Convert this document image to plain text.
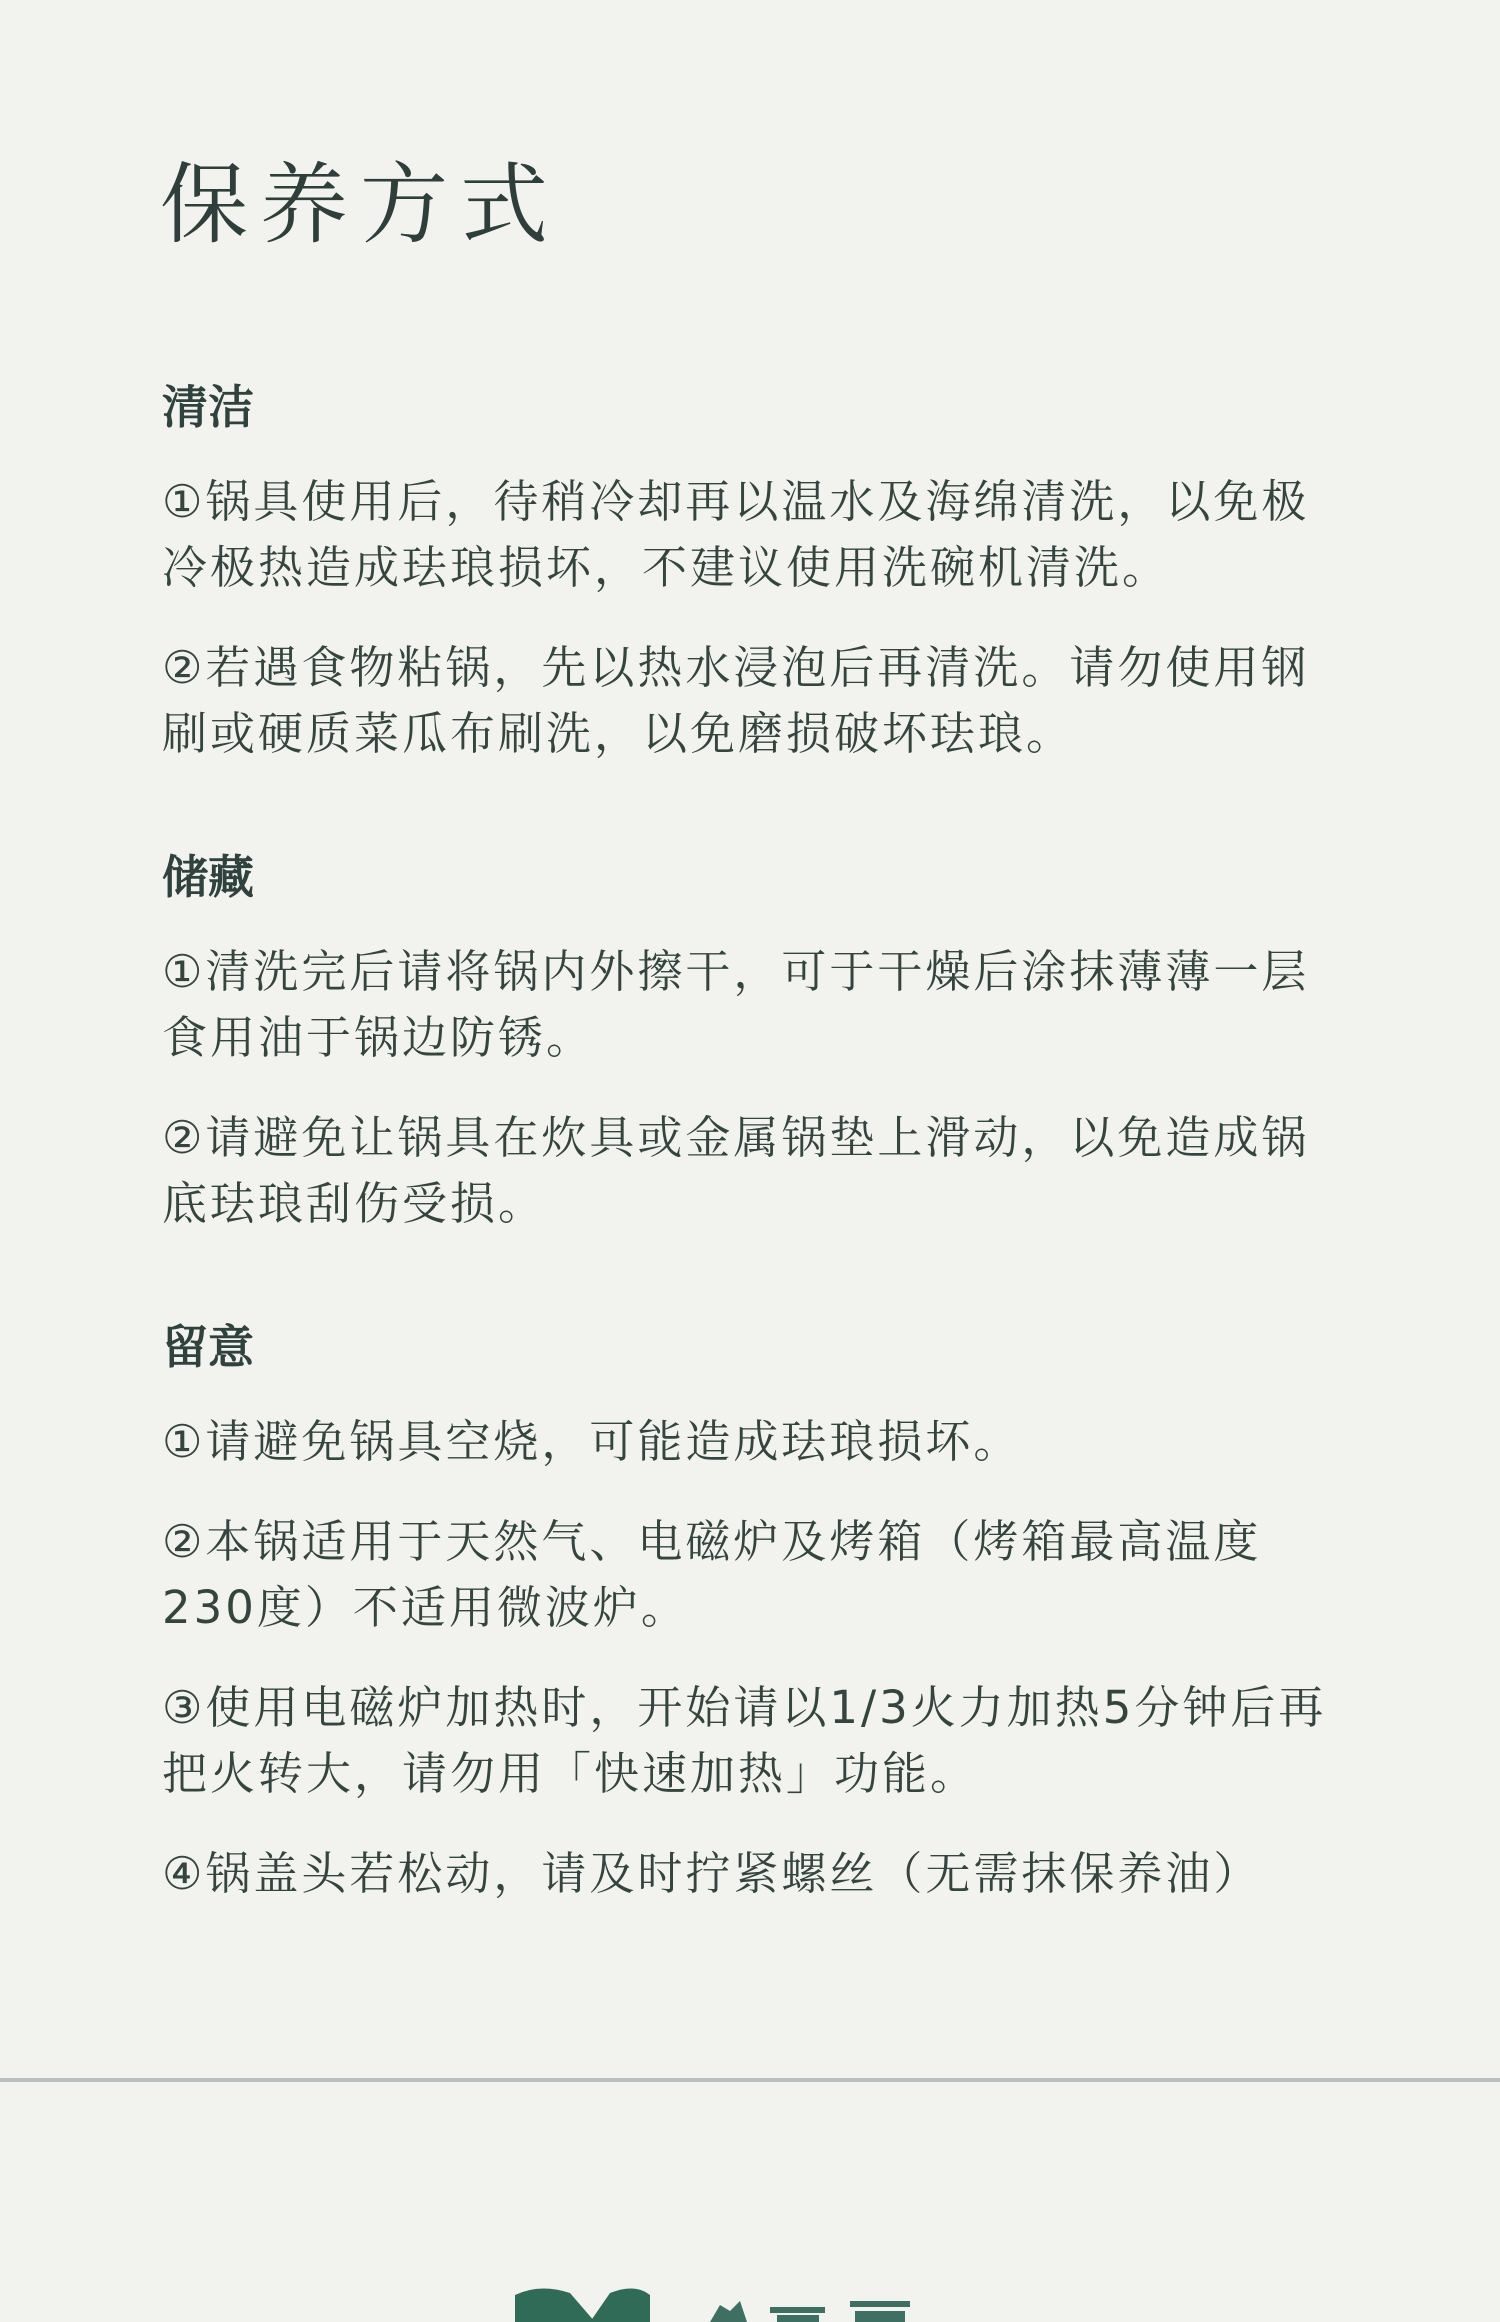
保养方式
清洁

①锅具使用后，待稍冷却再以温水及海绵清洗，以免极冷极热造成珐琅损坏，不建议使用洗碗机清洗。

②若遇食物粘锅，先以热水浸泡后再清洗。请勿使用钢刷或硬质菜瓜布刷洗，以免磨损破坏珐琅。

储藏

①清洗完后请将锅内外擦干，可于干燥后涂抹薄薄一层食用油于锅边防锈。

②请避免让锅具在炊具或金属锅垫上滑动，以免造成锅底珐琅刮伤受损。

留意

①请避免锅具空烧，可能造成珐琅损坏。

②本锅适用于天然气、电磁炉及烤箱（烤箱最高温度230度）不适用微波炉。

③使用电磁炉加热时，开始请以1/3火力加热5分钟后再把火转大，请勿用「快速加热」功能。

④锅盖头若松动，请及时拧紧螺丝（无需抹保养油）
